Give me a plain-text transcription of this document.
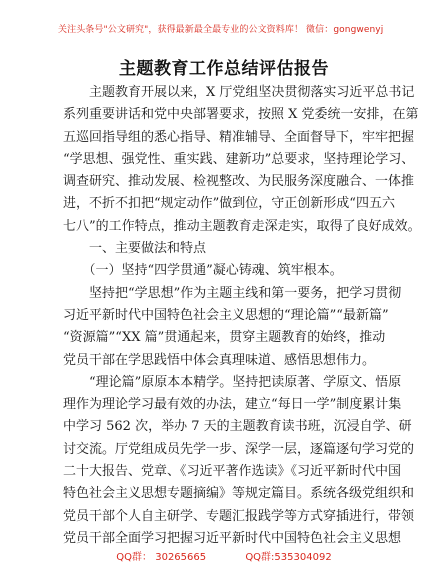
关注头条号"公文研究"，获得最新最全最专业的公文资料库！ 微信：gongwenyj
主题教育工作总结评估报告
　　主题教育开展以来，X 厅党组坚决贯彻落实习近平总书记
系列重要讲话和党中央部署要求，按照 X 党委统一安排，在第
五巡回指导组的悉心指导、精准辅导、全面督导下，牢牢把握
“学思想、强党性、重实践、建新功”总要求，坚持理论学习、
调查研究、推动发展、检视整改、为民服务深度融合、一体推
进，不折不扣把“规定动作”做到位，守正创新形成“四五六
七八”的工作特点，推动主题教育走深走实，取得了良好成效。
　　一、主要做法和特点
　　（一）坚持“四学贯通”凝心铸魂、筑牢根本。
　　坚持把“学思想”作为主题主线和第一要务，把学习贯彻
习近平新时代中国特色社会主义思想的“理论篇”“最新篇”
“资源篇”“XX 篇”贯通起来，贯穿主题教育的始终，推动
党员干部在学思践悟中体会真理味道、感悟思想伟力。
　　“理论篇”原原本本精学。坚持把读原著、学原文、悟原
理作为理论学习最有效的办法，建立“每日一学”制度累计集
中学习 562 次，举办 7 天的主题教育读书班，沉浸自学、研
讨交流。厅党组成员先学一步、深学一层，逐篇逐句学习党的
二十大报告、党章、《习近平著作选读》《习近平新时代中国
特色社会主义思想专题摘编》等规定篇目。系统各级党组织和
党员干部个人自主研学、专题汇报践学等方式穿插进行，带领
党员干部全面学习把握习近平新时代中国特色社会主义思想
QQ群： 30265665	QQ群:535304092
